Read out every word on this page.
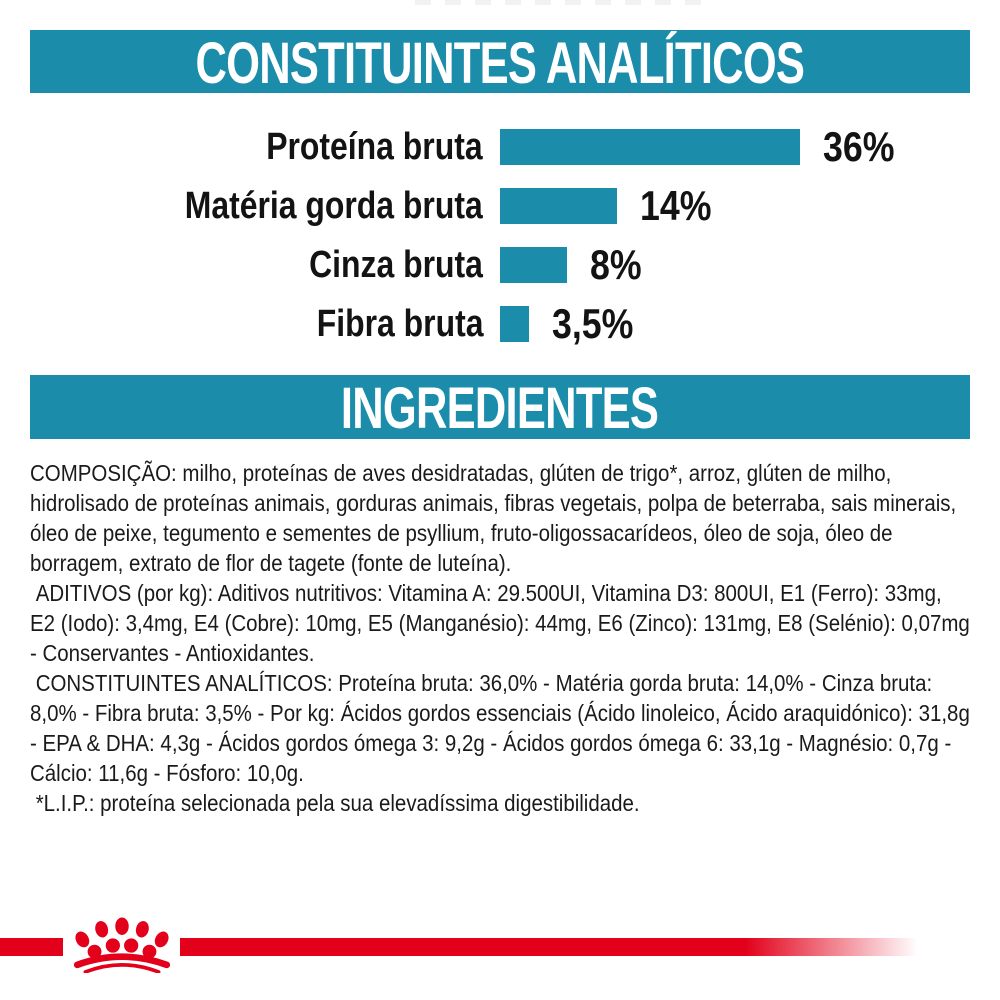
CONSTITUINTES ANALÍTICOS
Proteína bruta	36%
Matéria gorda bruta	14%
Cinza bruta	8%
Fibra bruta 3,5%
INGREDIENTES

COMPOSIÇÃO: milho, proteínas de aves desidratadas, glúten de trigo*, arroz, glúten de milho, hidrolisado de proteínas animais, gorduras animais, fibras vegetais, polpa de beterraba, sais minerais, óleo de peixe, tegumento e sementes de psyllium, fruto-oligossacarídeos, óleo de soja, óleo de borragem, extrato de flor de tagete (fonte de luteína).

ADITIVOS (por kg): Aditivos nutritivos: Vitamina A: 29.500UI, Vitamina D3: 800UI, E1 (Ferro): 33mg, E2 (Iodo): 3,4mg, E4 (Cobre): 10mg, E5 (Manganésio): 44mg, E6 (Zinco): 131mg, E8 (Selénio): 0,07mg - Conservantes - Antioxidantes.

CONSTITUINTES ANALÍTICOS: Proteína bruta: 36,0% - Matéria gorda bruta: 14,0% - Cinza bruta: 8,0% - Fibra bruta: 3,5% - Por kg: Ácidos gordos essenciais (Ácido linoleico, Ácido araquidónico): 31,8g - EPA & DHA: 4,3g - Ácidos gordos ómega 3: 9,2g - Ácidos gordos ómega 6: 33,1g - Magnésio: 0,7g - Cálcio: 11,6g - Fósforo: 10,0g.

*L.I.P.: proteína selecionada pela sua elevadíssima digestibilidade.
